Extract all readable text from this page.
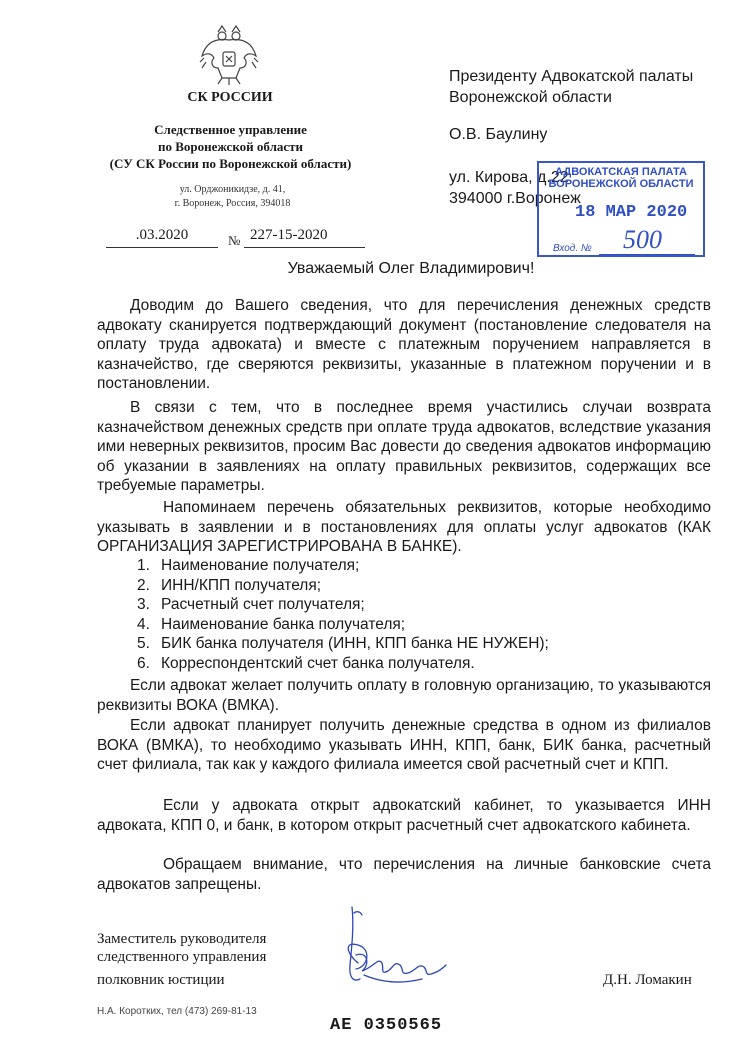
СК РОССИИ
Следственное управление
по Воронежской области
(СУ СК России по Воронежской области)
ул. Орджоникидзе, д. 41,
г. Воронеж, Россия, 394018
.03.2020	№ 227-15-2020
Президенту Адвокатской палаты
Воронежской области
О.В. Баулину
ул. Кирова, д.22
394000 г.Воронеж
АДВОКАТСКАЯ ПАЛАТА
ВОРОНЕЖСКОЙ ОБЛАСТИ
18 МАР 2020
Вход. № 500
Уважаемый Олег Владимирович!
Доводим до Вашего сведения, что для перечисления денежных средств адвокату сканируется подтверждающий документ (постановление следователя на оплату труда адвоката) и вместе с платежным поручением направляется в казначейство, где сверяются реквизиты, указанные в платежном поручении и в постановлении.
В связи с тем, что в последнее время участились случаи возврата казначейством денежных средств при оплате труда адвокатов, вследствие указания ими неверных реквизитов, просим Вас довести до сведения адвокатов информацию об указании в заявлениях на оплату правильных реквизитов, содержащих все требуемые параметры.
Напоминаем перечень обязательных реквизитов, которые необходимо указывать в заявлении и в постановлениях для оплаты услуг адвокатов (КАК ОРГАНИЗАЦИЯ ЗАРЕГИСТРИРОВАНА В БАНКЕ).
1. Наименование получателя;
2. ИНН/КПП получателя;
3. Расчетный счет получателя;
4. Наименование банка получателя;
5. БИК банка получателя (ИНН, КПП банка НЕ НУЖЕН);
6. Корреспондентский счет банка получателя.
Если адвокат желает получить оплату в головную организацию, то указываются реквизиты ВОКА (ВМКА).
Если адвокат планирует получить денежные средства в одном из филиалов ВОКА (ВМКА), то необходимо указывать ИНН, КПП, банк, БИК банка, расчетный счет филиала, так как у каждого филиала имеется свой расчетный счет и КПП.
Если у адвоката открыт адвокатский кабинет, то указывается ИНН адвоката, КПП 0, и банк, в котором открыт расчетный счет адвокатского кабинета.
Обращаем внимание, что перечисления на личные банковские счета адвокатов запрещены.
Заместитель руководителя
следственного управления
полковник юстиции	Д.Н. Ломакин
Н.А. Коротких, тел (473) 269-81-13
АЕ 0350565
